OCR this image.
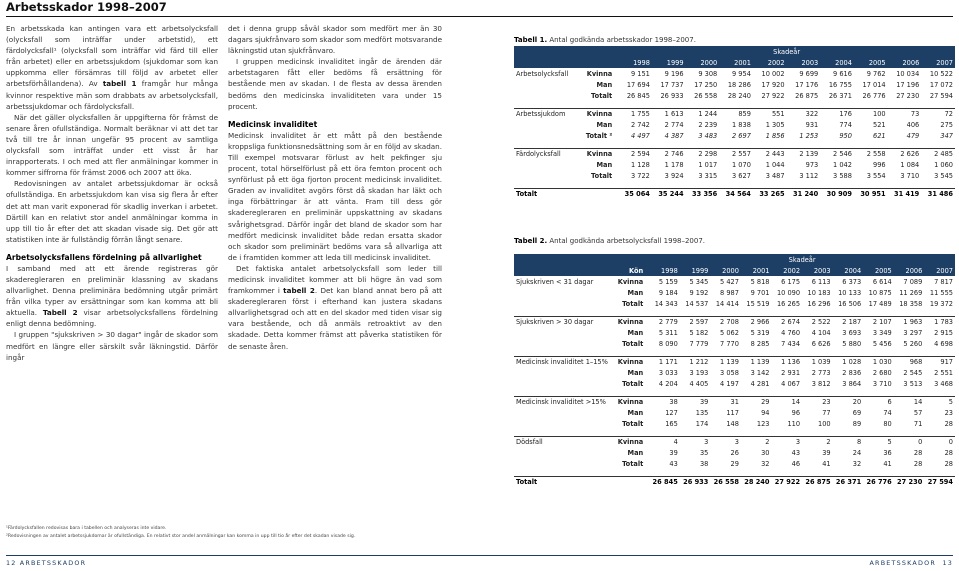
Arbetsskador 1998–2007

En arbetsskada kan antingen vara ett arbetsolycksfall (olycksfall som inträffar under arbetstid), ett färdolycksfall¹ (olycksfall som inträffar vid färd till eller från arbetet) eller en arbetssjukdom (sjukdomar som kan uppkomma eller försämras till följd av arbetet eller arbetsförhållandena). Av tabell 1 framgår hur många kvinnor respektive män som drabbats av arbetsolycksfall, arbetssjukdomar och färdolycksfall.

När det gäller olycksfallen är uppgifterna för främst de senare åren ofullständiga. Normalt beräknar vi att det tar två till tre år innan ungefär 95 procent av samtliga olycksfall som inträffat under ett visst år har inrapporterats. I och med att fler anmälningar kommer in kommer siffrorna för främst 2006 och 2007 att öka.

Redovisningen av antalet arbetssjukdomar är också ofullständiga. En arbetssjukdom kan visa sig flera år efter det att man varit exponerad för skadlig inverkan i arbetet. Därtill kan en relativt stor andel anmälningar komma in upp till tio år efter det att skadan visade sig. Det gör att statistiken inte är fullständig förrän långt senare.

Arbetsolycksfallens fördelning på allvarlighet

I samband med att ett ärende registreras gör skaderegleraren en preliminär klassning av skadans allvarlighet. Denna preliminära bedömning utgår primärt från vilka typer av ersättningar som kan komma att bli aktuella. Tabell 2 visar arbetsolycksfallens fördelning enligt denna bedömning.

I gruppen "sjukskriven > 30 dagar" ingår de skador som medfört en längre eller särskilt svår läkningstid. Därför ingår

det i denna grupp såväl skador som medfört mer än 30 dagars sjukfrånvaro som skador som medfört motsvarande läkningstid utan sjukfrånvaro.

I gruppen medicinsk invaliditet ingår de ärenden där arbetstagaren fått eller bedöms få ersättning för bestående men av skadan. I de flesta av dessa ärenden bedöms den medicinska invaliditeten vara under 15 procent.

Medicinsk invaliditet

Medicinsk invaliditet är ett mått på den bestående kroppsliga funktionsnedsättning som är en följd av skadan. Till exempel motsvarar förlust av helt pekfinger sju procent, total hörselförlust på ett öra femton procent och synförlust på ett öga fjorton procent medicinsk invaliditet. Graden av invaliditet avgörs först då skadan har läkt och inga förbättringar är att vänta. Fram till dess gör skaderegleraren en preliminär uppskattning av skadans svårighetsgrad. Därför ingår det bland de skador som har medfört medicinsk invaliditet både redan ersatta skador och skador som preliminärt bedöms vara så allvarliga att de i framtiden kommer att leda till medicinsk invaliditet.

Det faktiska antalet arbetsolycksfall som leder till medicinsk invaliditet kommer att bli högre än vad som framkommer i tabell 2. Det kan bland annat bero på att skaderegleraren först i efterhand kan justera skadans allvarlighetsgrad och att en del skador med tiden visar sig vara bestående, och då anmäls retroaktivt av den skadade. Detta kommer främst att påverka statistiken för de senaste åren.

Tabell 1. Antal godkända arbetsskador 1998–2007.
		Skadeår									
		1998	1999	2000	2001	2002	2003	2004	2005	2006	2007
Arbetsolycksfall	Kvinna	9 151	9 196	9 308	9 954	10 002	9 699	9 616	9 762	10 034	10 522
	Man	17 694	17 737	17 250	18 286	17 920	17 176	16 755	17 014	17 196	17 072
	Totalt	26 845	26 933	26 558	28 240	27 922	26 875	26 371	26 776	27 230	27 594

Arbetssjukdom	Kvinna	1 755	1 613	1 244	859	551	322	176	100	73	72
	Man	2 742	2 774	2 239	1 838	1 305	931	774	521	406	275
	Totalt ²	4 497	4 387	3 483	2 697	1 856	1 253	950	621	479	347

Färdolycksfall	Kvinna	2 594	2 746	2 298	2 557	2 443	2 139	2 546	2 558	2 626	2 485
	Man	1 128	1 178	1 017	1 070	1 044	973	1 042	996	1 084	1 060
	Totalt	3 722	3 924	3 315	3 627	3 487	3 112	3 588	3 554	3 710	3 545

Totalt		35 064	35 244	33 356	34 564	33 265	31 240	30 909	30 951	31 419	31 486
Tabell 2. Antal godkända arbetsolycksfall 1998–2007.
		Skadeår									
	Kön	1998	1999	2000	2001	2002	2003	2004	2005	2006	2007
Sjukskriven < 31 dagar	Kvinna	5 159	5 345	5 427	5 818	6 175	6 113	6 373	6 614	7 089	7 817
	Man	9 184	9 192	8 987	9 701	10 090	10 183	10 133	10 875	11 269	11 555
	Totalt	14 343	14 537	14 414	15 519	16 265	16 296	16 506	17 489	18 358	19 372

Sjukskriven > 30 dagar	Kvinna	2 779	2 597	2 708	2 966	2 674	2 522	2 187	2 107	1 963	1 783
	Man	5 311	5 182	5 062	5 319	4 760	4 104	3 693	3 349	3 297	2 915
	Totalt	8 090	7 779	7 770	8 285	7 434	6 626	5 880	5 456	5 260	4 698

Medicinsk invaliditet 1–15%	Kvinna	1 171	1 212	1 139	1 139	1 136	1 039	1 028	1 030	968	917
	Man	3 033	3 193	3 058	3 142	2 931	2 773	2 836	2 680	2 545	2 551
	Totalt	4 204	4 405	4 197	4 281	4 067	3 812	3 864	3 710	3 513	3 468

Medicinsk invaliditet >15%	Kvinna	38	39	31	29	14	23	20	6	14	5
	Man	127	135	117	94	96	77	69	74	57	23
	Totalt	165	174	148	123	110	100	89	80	71	28

Dödsfall	Kvinna	4	3	3	2	3	2	8	5	0	0
	Man	39	35	26	30	43	39	24	36	28	28
	Totalt	43	38	29	32	46	41	32	41	28	28

Totalt		26 845	26 933	26 558	28 240	27 922	26 875	26 371	26 776	27 230	27 594
¹Färdolycksfallen redovisas bara i tabellen och analyseras inte vidare.
²Redovisningen av antalet arbetssjukdomar är ofullständiga. En relativt stor andel anmälningar kan komma in upp till tio år efter det skadan visade sig.
12 ARBETSSKADOR	ARBETSSKADOR 13
